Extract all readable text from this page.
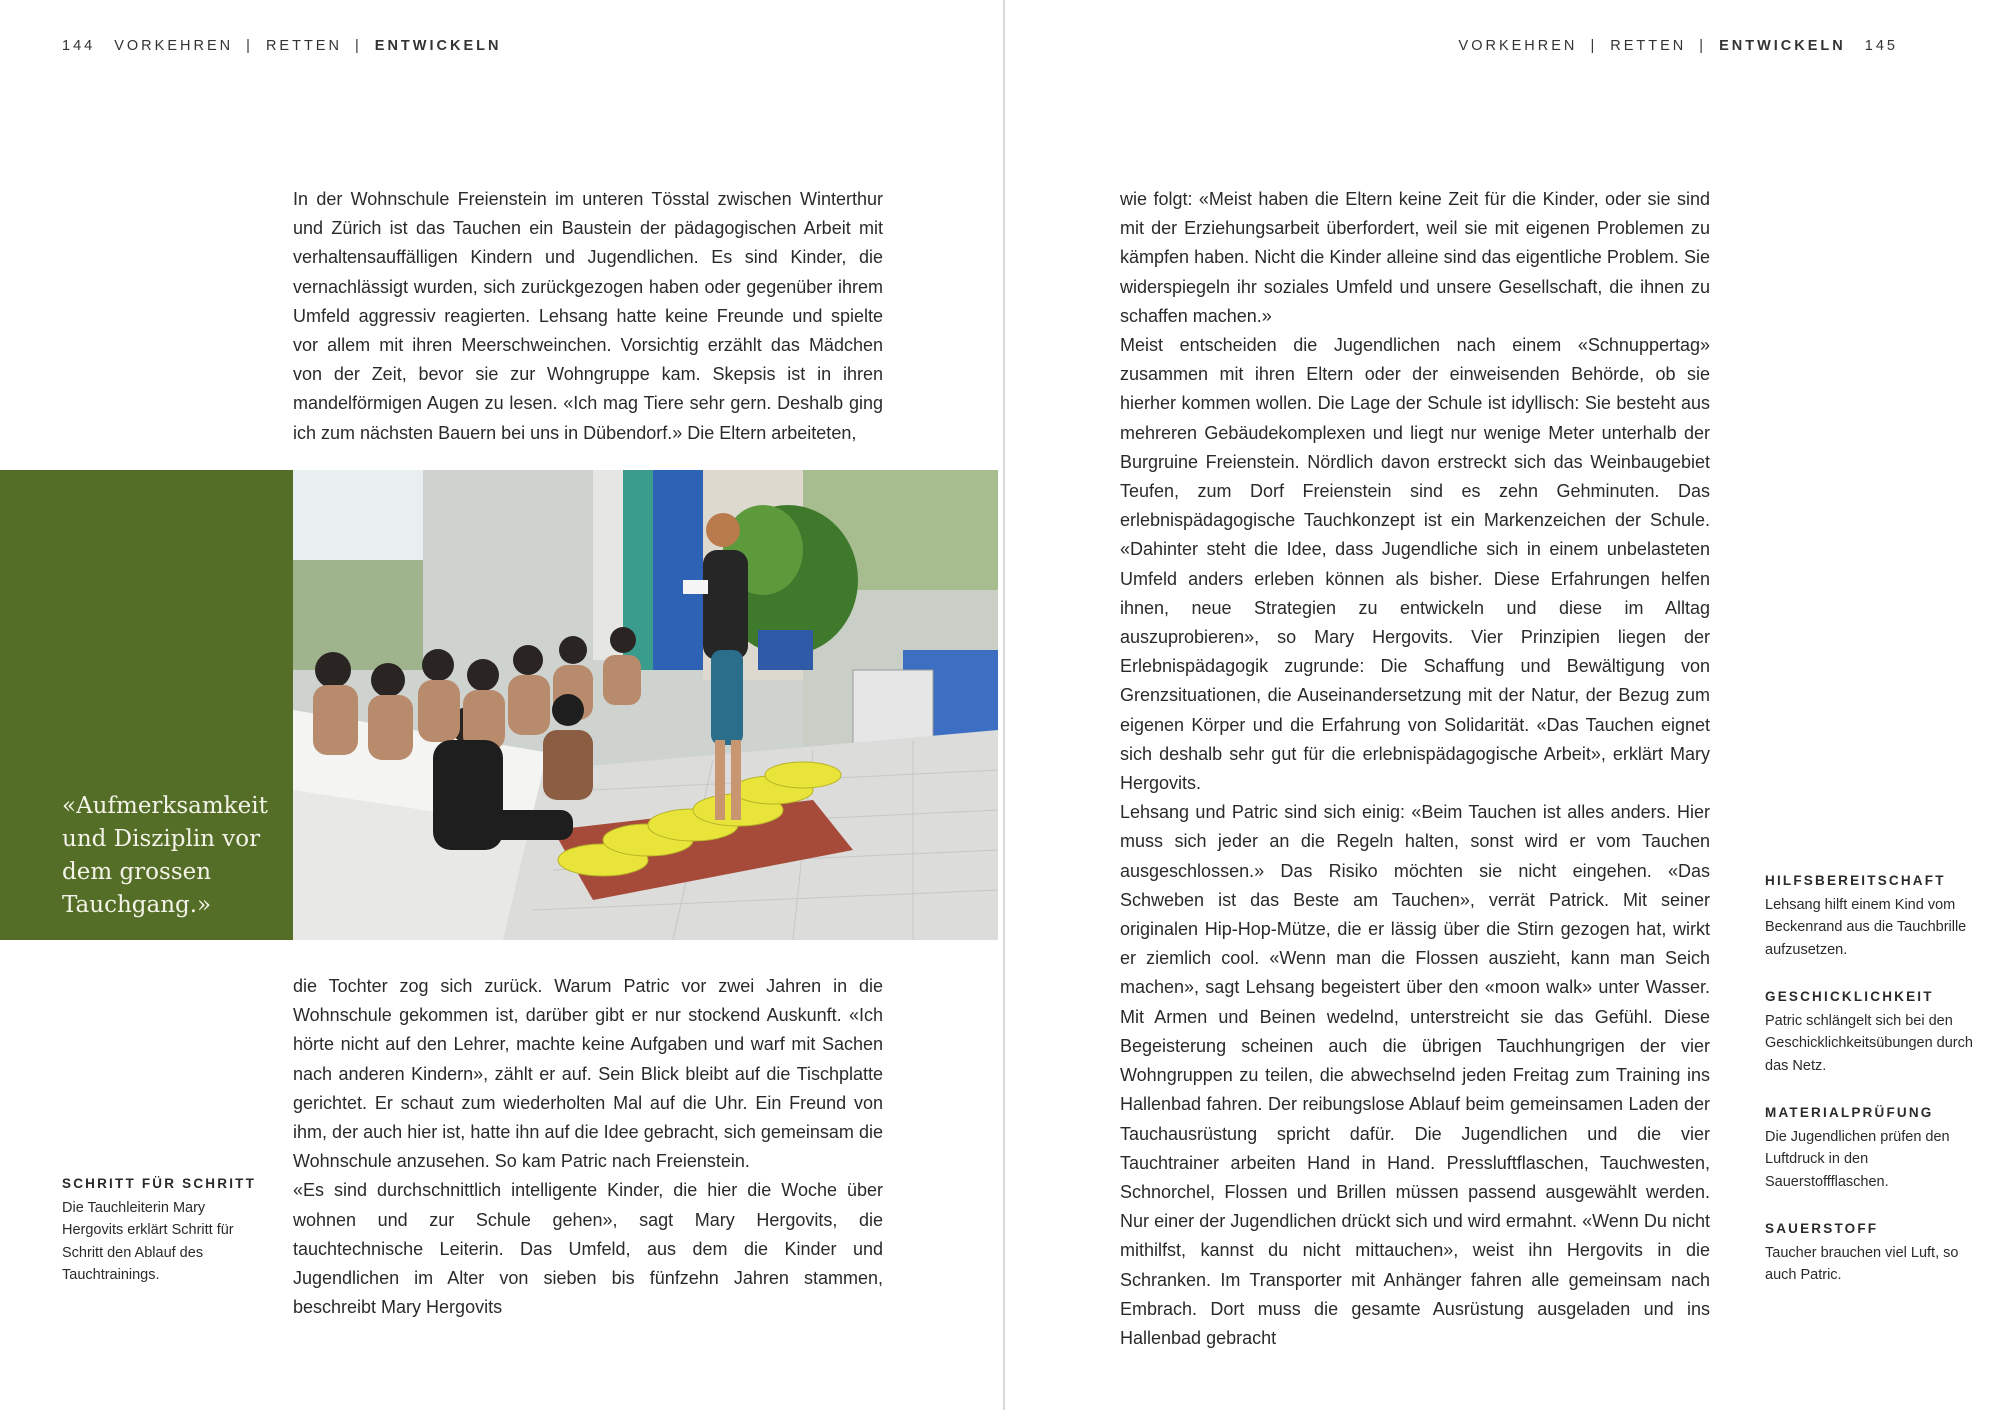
144 VORKEHREN | RETTEN | ENTWICKELN

In der Wohnschule Freienstein im unteren Tösstal zwischen Winterthur und Zürich ist das Tauchen ein Baustein der pädagogischen Arbeit mit verhaltensauffälligen Kindern und Jugendlichen. Es sind Kinder, die vernachlässigt wurden, sich zurückgezogen haben oder gegenüber ihrem Umfeld aggressiv reagierten. Lehsang hatte keine Freunde und spielte vor allem mit ihren Meerschweinchen. Vorsichtig erzählt das Mädchen von der Zeit, bevor sie zur Wohngruppe kam. Skepsis ist in ihren mandelförmigen Augen zu lesen. «Ich mag Tiere sehr gern. Deshalb ging ich zum nächsten Bauern bei uns in Dübendorf.» Die Eltern arbeiteten,

«Aufmerksamkeit und Disziplin vor dem grossen Tauchgang.»

die Tochter zog sich zurück. Warum Patric vor zwei Jahren in die Wohnschule gekommen ist, darüber gibt er nur stockend Auskunft. «Ich hörte nicht auf den Lehrer, machte keine Aufgaben und warf mit Sachen nach anderen Kindern», zählt er auf. Sein Blick bleibt auf die Tischplatte gerichtet. Er schaut zum wiederholten Mal auf die Uhr. Ein Freund von ihm, der auch hier ist, hatte ihn auf die Idee gebracht, sich gemeinsam die Wohnschule anzusehen. So kam Patric nach Freienstein.

«Es sind durchschnittlich intelligente Kinder, die hier die Woche über wohnen und zur Schule gehen», sagt Mary Hergovits, die tauchtechnische Leiterin. Das Umfeld, aus dem die Kinder und Jugendlichen im Alter von sieben bis fünfzehn Jahren stammen, beschreibt Mary Hergovits

SCHRITT FÜR SCHRITT
Die Tauchleiterin Mary Hergovits erklärt Schritt für Schritt den Ablauf des Tauchtrainings.
VORKEHREN | RETTEN | ENTWICKELN 145

wie folgt: «Meist haben die Eltern keine Zeit für die Kinder, oder sie sind mit der Erziehungsarbeit überfordert, weil sie mit eigenen Problemen zu kämpfen haben. Nicht die Kinder alleine sind das eigentliche Problem. Sie widerspiegeln ihr soziales Umfeld und unsere Gesellschaft, die ihnen zu schaffen machen.»

Meist entscheiden die Jugendlichen nach einem «Schnuppertag» zusammen mit ihren Eltern oder der einweisenden Behörde, ob sie hierher kommen wollen. Die Lage der Schule ist idyllisch: Sie besteht aus mehreren Gebäudekomplexen und liegt nur wenige Meter unterhalb der Burgruine Freienstein. Nördlich davon erstreckt sich das Weinbaugebiet Teufen, zum Dorf Freienstein sind es zehn Gehminuten. Das erlebnispädagogische Tauchkonzept ist ein Markenzeichen der Schule. «Dahinter steht die Idee, dass Jugendliche sich in einem unbelasteten Umfeld anders erleben können als bisher. Diese Erfahrungen helfen ihnen, neue Strategien zu entwickeln und diese im Alltag auszuprobieren», so Mary Hergovits. Vier Prinzipien liegen der Erlebnispädagogik zugrunde: Die Schaffung und Bewältigung von Grenzsituationen, die Auseinandersetzung mit der Natur, der Bezug zum eigenen Körper und die Erfahrung von Solidarität. «Das Tauchen eignet sich deshalb sehr gut für die erlebnispädagogische Arbeit», erklärt Mary Hergovits.

Lehsang und Patric sind sich einig: «Beim Tauchen ist alles anders. Hier muss sich jeder an die Regeln halten, sonst wird er vom Tauchen ausgeschlossen.» Das Risiko möchten sie nicht eingehen. «Das Schweben ist das Beste am Tauchen», verrät Patrick. Mit seiner originalen Hip-Hop-Mütze, die er lässig über die Stirn gezogen hat, wirkt er ziemlich cool. «Wenn man die Flossen auszieht, kann man Seich machen», sagt Lehsang begeistert über den «moon walk» unter Wasser. Mit Armen und Beinen wedelnd, unterstreicht sie das Gefühl. Diese Begeisterung scheinen auch die übrigen Tauchhungrigen der vier Wohngruppen zu teilen, die abwechselnd jeden Freitag zum Training ins Hallenbad fahren. Der reibungslose Ablauf beim gemeinsamen Laden der Tauchausrüstung spricht dafür. Die Jugendlichen und die vier Tauchtrainer arbeiten Hand in Hand. Pressluftflaschen, Tauchwesten, Schnorchel, Flossen und Brillen müssen passend ausgewählt werden. Nur einer der Jugendlichen drückt sich und wird ermahnt. «Wenn Du nicht mithilfst, kannst du nicht mittauchen», weist ihn Hergovits in die Schranken. Im Transporter mit Anhänger fahren alle gemeinsam nach Embrach. Dort muss die gesamte Ausrüstung ausgeladen und ins Hallenbad gebracht

HILFSBEREITSCHAFT
Lehsang hilft einem Kind vom Beckenrand aus die Tauchbrille aufzusetzen.
GESCHICKLICHKEIT
Patric schlängelt sich bei den Geschicklichkeitsübungen durch das Netz.
MATERIALPRÜFUNG
Die Jugendlichen prüfen den Luftdruck in den Sauerstoffflaschen.
SAUERSTOFF
Taucher brauchen viel Luft, so auch Patric.
